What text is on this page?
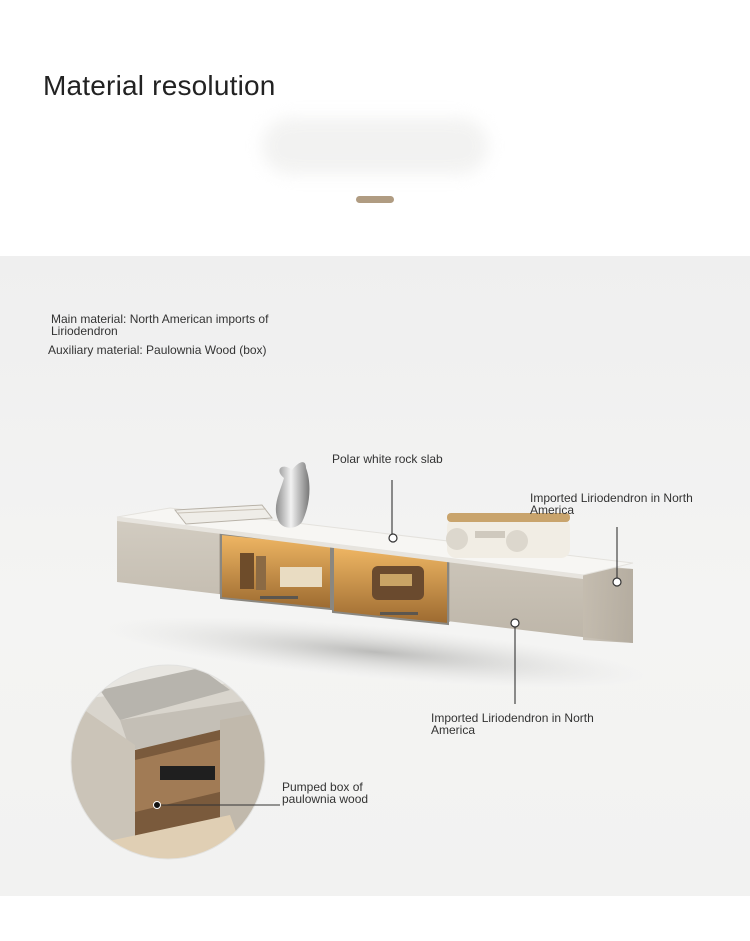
Material resolution
Main material: North American imports of Liriodendron
Auxiliary material: Paulownia Wood (box)
Polar white rock slab
Imported Liriodendron in North America
Imported Liriodendron in North America
Pumped box of paulownia wood
